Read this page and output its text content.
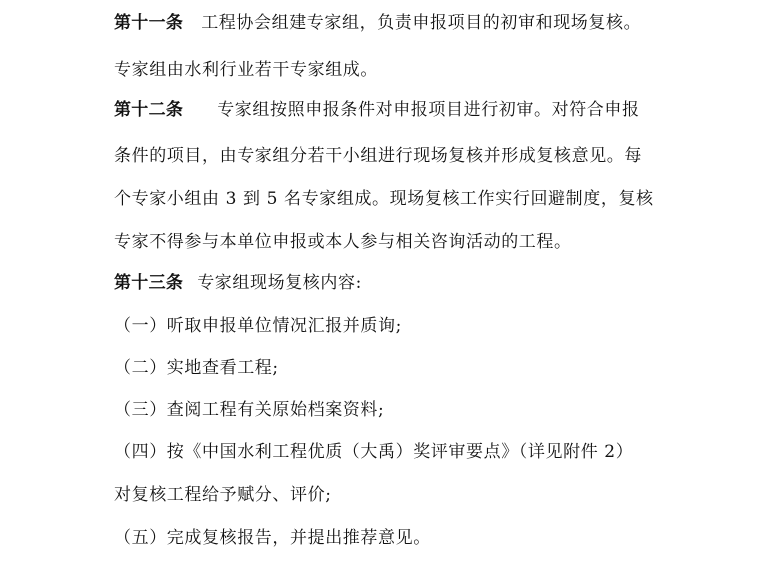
第十一条 工程协会组建专家组，负责申报项目的初审和现场复核。
专家组由水利行业若干专家组成。
第十二条 专家组按照申报条件对申报项目进行初审。对符合申报
条件的项目，由专家组分若干小组进行现场复核并形成复核意见。每
个专家小组由 3 到 5 名专家组成。现场复核工作实行回避制度，复核
专家不得参与本单位申报或本人参与相关咨询活动的工程。
第十三条 专家组现场复核内容:
（一）听取申报单位情况汇报并质询;
（二）实地查看工程;
（三）查阅工程有关原始档案资料;
（四）按《中国水利工程优质（大禹）奖评审要点》（详见附件 2）
对复核工程给予赋分、评价;
（五）完成复核报告，并提出推荐意见。
